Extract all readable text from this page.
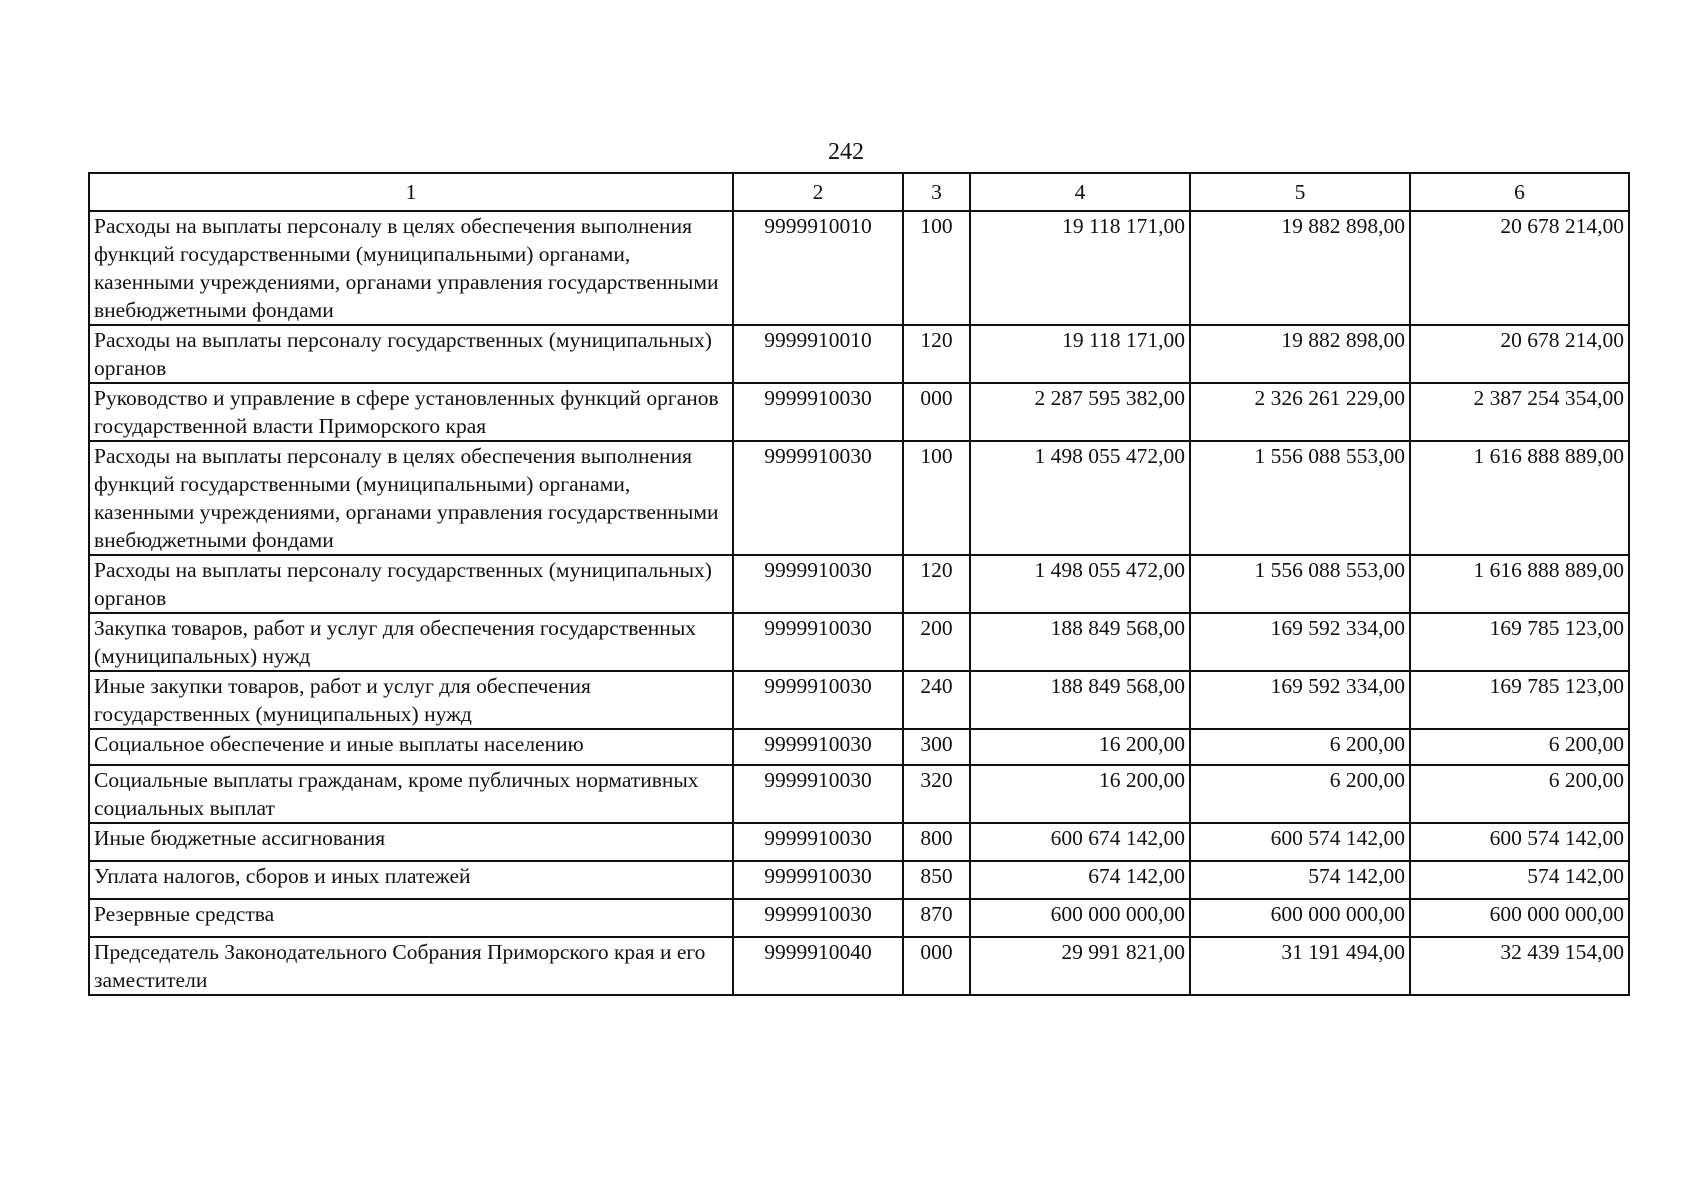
242
1	2	3	4	5	6
Расходы на выплаты персоналу в целях обеспечения выполнения функций государственными (муниципальными) органами, казенными учреждениями, органами управления государственными внебюджетными фондами	9999910010	100	19 118 171,00	19 882 898,00	20 678 214,00
Расходы на выплаты персоналу государственных (муниципальных) органов	9999910010	120	19 118 171,00	19 882 898,00	20 678 214,00
Руководство и управление в сфере установленных функций органов государственной власти Приморского края	9999910030	000	2 287 595 382,00	2 326 261 229,00	2 387 254 354,00
Расходы на выплаты персоналу в целях обеспечения выполнения функций государственными (муниципальными) органами, казенными учреждениями, органами управления государственными внебюджетными фондами	9999910030	100	1 498 055 472,00	1 556 088 553,00	1 616 888 889,00
Расходы на выплаты персоналу государственных (муниципальных) органов	9999910030	120	1 498 055 472,00	1 556 088 553,00	1 616 888 889,00
Закупка товаров, работ и услуг для обеспечения государственных (муниципальных) нужд	9999910030	200	188 849 568,00	169 592 334,00	169 785 123,00
Иные закупки товаров, работ и услуг для обеспечения государственных (муниципальных) нужд	9999910030	240	188 849 568,00	169 592 334,00	169 785 123,00
Социальное обеспечение и иные выплаты населению	9999910030	300	16 200,00	6 200,00	6 200,00
Социальные выплаты гражданам, кроме публичных нормативных социальных выплат	9999910030	320	16 200,00	6 200,00	6 200,00
Иные бюджетные ассигнования	9999910030	800	600 674 142,00	600 574 142,00	600 574 142,00
Уплата налогов, сборов и иных платежей	9999910030	850	674 142,00	574 142,00	574 142,00
Резервные средства	9999910030	870	600 000 000,00	600 000 000,00	600 000 000,00
Председатель Законодательного Собрания Приморского края и его заместители	9999910040	000	29 991 821,00	31 191 494,00	32 439 154,00
